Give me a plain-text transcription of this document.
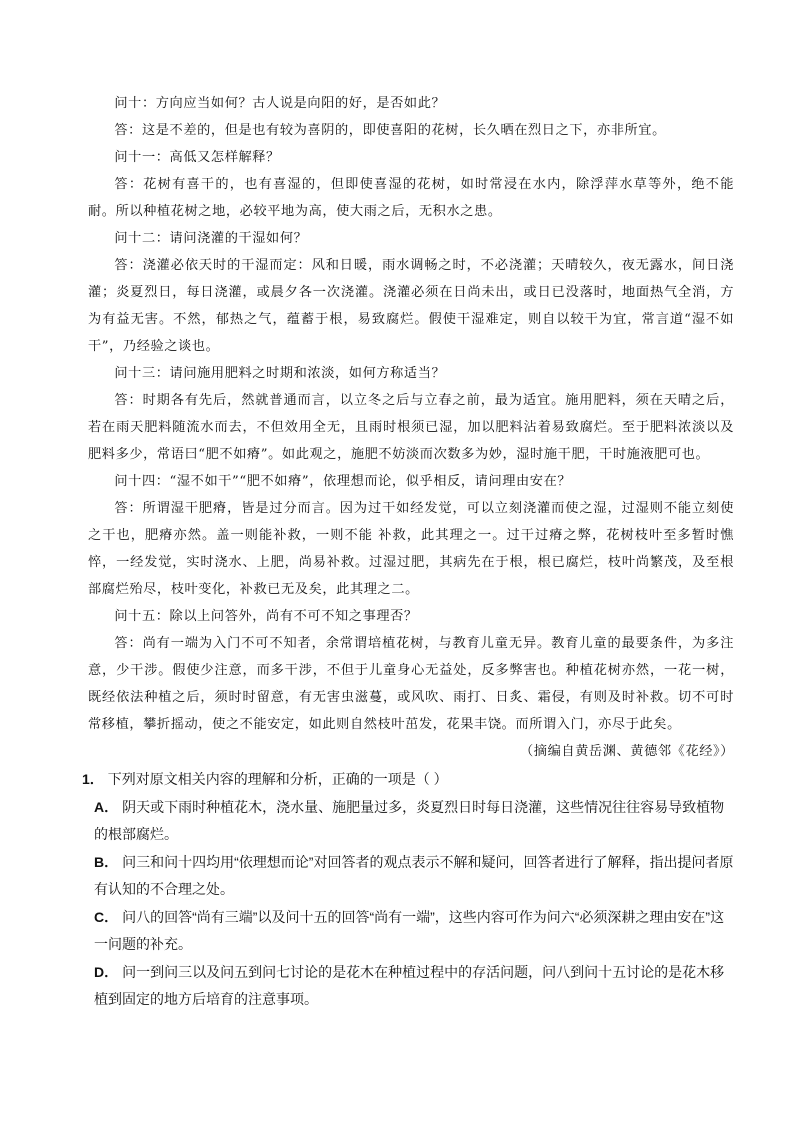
问十：方向应当如何？古人说是向阳的好，是否如此？

答：这是不差的，但是也有较为喜阴的，即使喜阳的花树，长久晒在烈日之下，亦非所宜。

问十一：高低又怎样解释？

答：花树有喜干的，也有喜湿的，但即使喜湿的花树，如时常浸在水内，除浮萍水草等外，绝不能耐。所以种植花树之地，必较平地为高，使大雨之后，无积水之患。

问十二：请问浇灌的干湿如何？

答：浇灌必依天时的干湿而定：风和日暖，雨水调畅之时，不必浇灌；天晴较久，夜无露水，间日浇灌；炎夏烈日，每日浇灌，或晨夕各一次浇灌。浇灌必须在日尚未出，或日已没落时，地面热气全消，方为有益无害。不然，郁热之气，蕴蓄于根，易致腐烂。假使干湿难定，则自以较干为宜，常言道“湿不如干”，乃经验之谈也。

问十三：请问施用肥料之时期和浓淡，如何方称适当？

答：时期各有先后，然就普通而言，以立冬之后与立春之前，最为适宜。施用肥料，须在天晴之后，若在雨天肥料随流水而去，不但效用全无，且雨时根须已湿，加以肥料沾着易致腐烂。至于肥料浓淡以及肥料多少，常语曰“肥不如瘠”。如此观之，施肥不妨淡而次数多为妙，湿时施干肥，干时施液肥可也。

问十四：“湿不如干”“肥不如瘠”，依理想而论，似乎相反，请问理由安在？

答：所谓湿干肥瘠，皆是过分而言。因为过干如经发觉，可以立刻浇灌而使之湿，过湿则不能立刻使之干也，肥瘠亦然。盖一则能补救，一则不能 补救，此其理之一。过干过瘠之弊，花树枝叶至多暂时憔悴，一经发觉，实时浇水、上肥，尚易补救。过湿过肥，其病先在于根，根已腐烂，枝叶尚繁茂，及至根部腐烂殆尽，枝叶变化，补救已无及矣，此其理之二。

问十五：除以上问答外，尚有不可不知之事理否？

答：尚有一端为入门不可不知者，余常谓培植花树，与教育儿童无异。教育儿童的最要条件，为多注意，少干涉。假使少注意，而多干涉，不但于儿童身心无益处，反多弊害也。种植花树亦然，一花一树，既经依法种植之后，须时时留意，有无害虫滋蔓，或风吹、雨打、日炙、霜侵，有则及时补救。切不可时常移植，攀折摇动，使之不能安定，如此则自然枝叶茁发，花果丰饶。而所谓入门，亦尽于此矣。

（摘编自黄岳渊、黄德邻《花经》）

1． 下列对原文相关内容的理解和分析，正确的一项是（ ）

A． 阴天或下雨时种植花木，浇水量、施肥量过多，炎夏烈日时每日浇灌，这些情况往往容易导致植物的根部腐烂。

B． 问三和问十四均用“依理想而论”对回答者的观点表示不解和疑问，回答者进行了解释，指出提问者原有认知的不合理之处。

C． 问八的回答“尚有三端”以及问十五的回答“尚有一端”，这些内容可作为问六“必须深耕之理由安在”这一问题的补充。

D． 问一到问三以及问五到问七讨论的是花木在种植过程中的存活问题，问八到问十五讨论的是花木移植到固定的地方后培育的注意事项。
